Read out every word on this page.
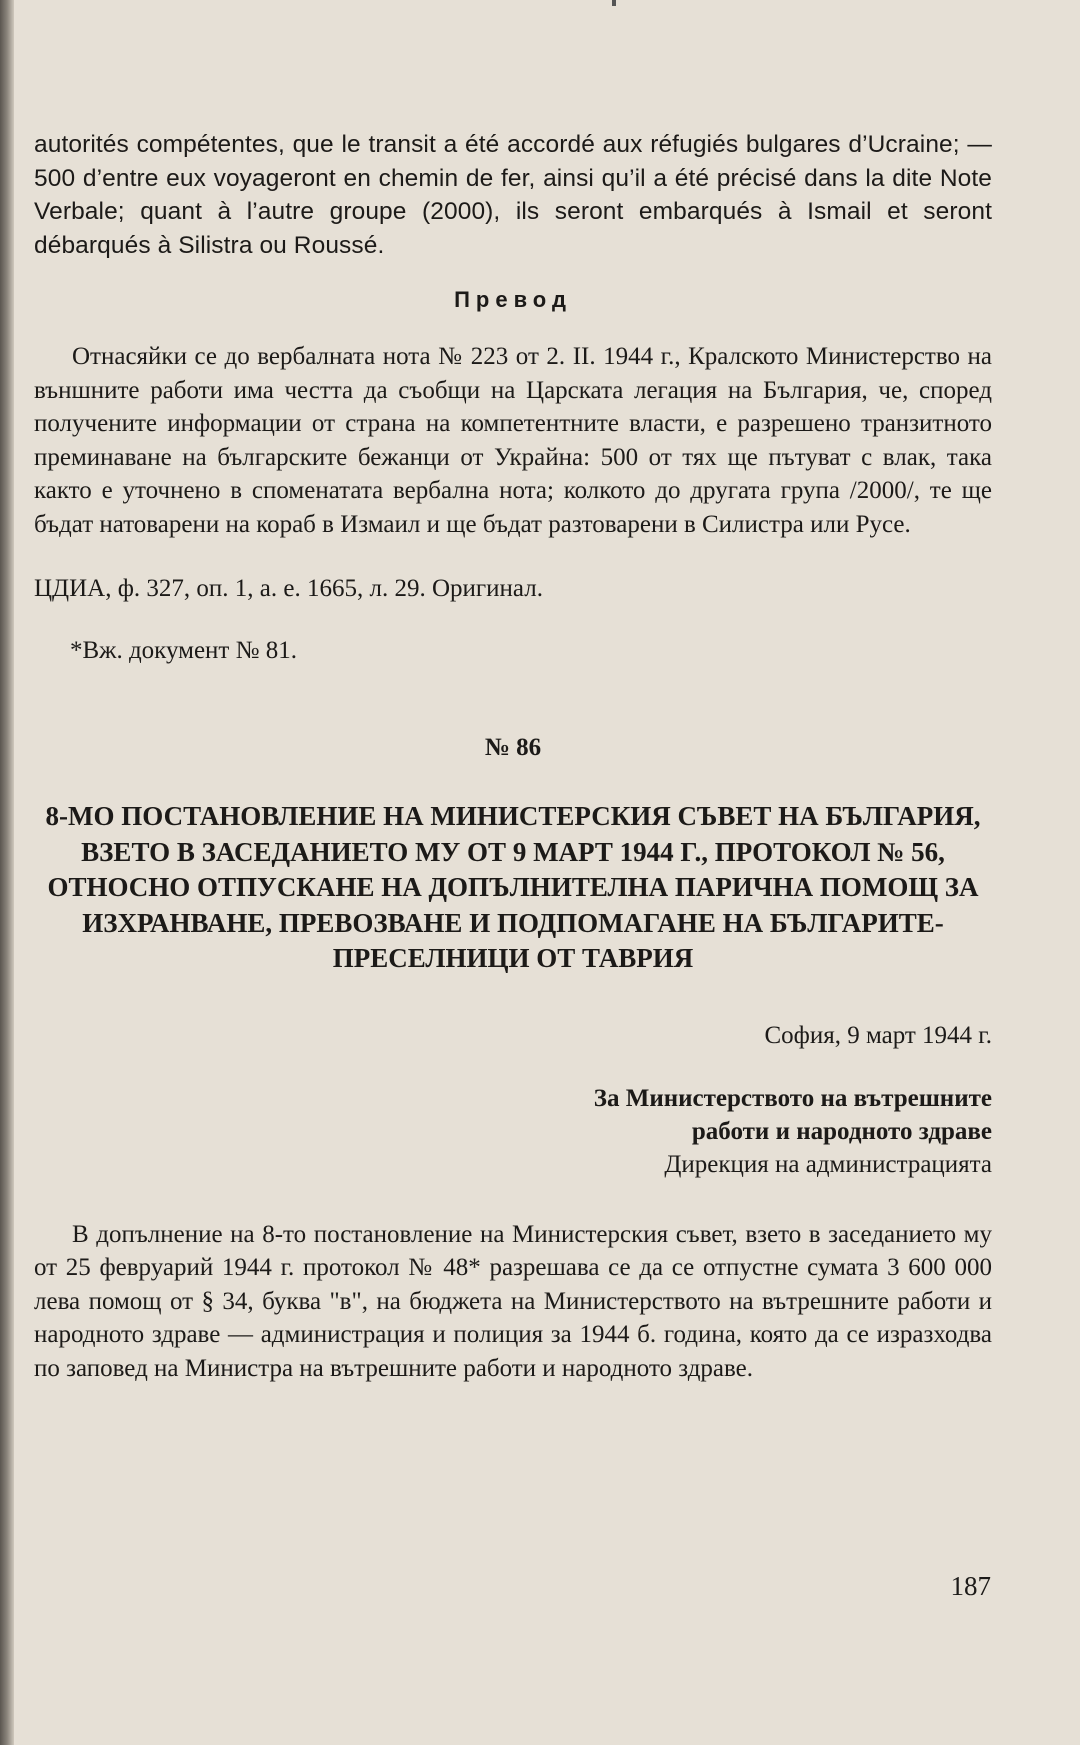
autorités compétentes, que le transit a été accordé aux réfugiés bulgares d’Ucraine; — 500 d’entre eux voyageront en chemin de fer, ainsi qu’il a été précisé dans la dite Note Verbale; quant à l’autre groupe (2000), ils seront embarqués à Ismail et seront débarqués à Silistra ou Roussé.

Превод

Отнасяйки се до вербалната нота № 223 от 2. II. 1944 г., Кралското Министерство на външните работи има честта да съобщи на Царската легация на България, че, според получените информации от страна на компетентните власти, е разрешено транзитното преминаване на българските бежанци от Украйна: 500 от тях ще пътуват с влак, така както е уточнено в споменатата вербална нота; колкото до другата група /2000/, те ще бъдат натоварени на кораб в Измаил и ще бъдат разтоварени в Силистра или Русе.

ЦДИА, ф. 327, оп. 1, а. е. 1665, л. 29. Оригинал.

*Вж. документ № 81.

№ 86

8-МО ПОСТАНОВЛЕНИЕ НА МИНИСТЕРСКИЯ СЪВЕТ НА БЪЛГАРИЯ, ВЗЕТО В ЗАСЕДАНИЕТО МУ ОТ 9 МАРТ 1944 Г., ПРОТОКОЛ № 56, ОТНОСНО ОТПУСКАНЕ НА ДОПЪЛНИТЕЛНА ПАРИЧНА ПОМОЩ ЗА ИЗХРАНВАНЕ, ПРЕВОЗВАНЕ И ПОДПОМАГАНЕ НА БЪЛГАРИТЕ-ПРЕСЕЛНИЦИ ОТ ТАВРИЯ

София, 9 март 1944 г.

За Министерството на вътрешните
работи и народното здраве
Дирекция на администрацията

В допълнение на 8-то постановление на Министерския съвет, взето в заседанието му от 25 февруарий 1944 г. протокол № 48* разрешава се да се отпустне сумата 3 600 000 лева помощ от § 34, буква "в", на бюджета на Министерството на вътрешните работи и народното здраве — администрация и полиция за 1944 б. година, която да се изразходва по заповед на Министра на вътрешните работи и народното здраве.

187
